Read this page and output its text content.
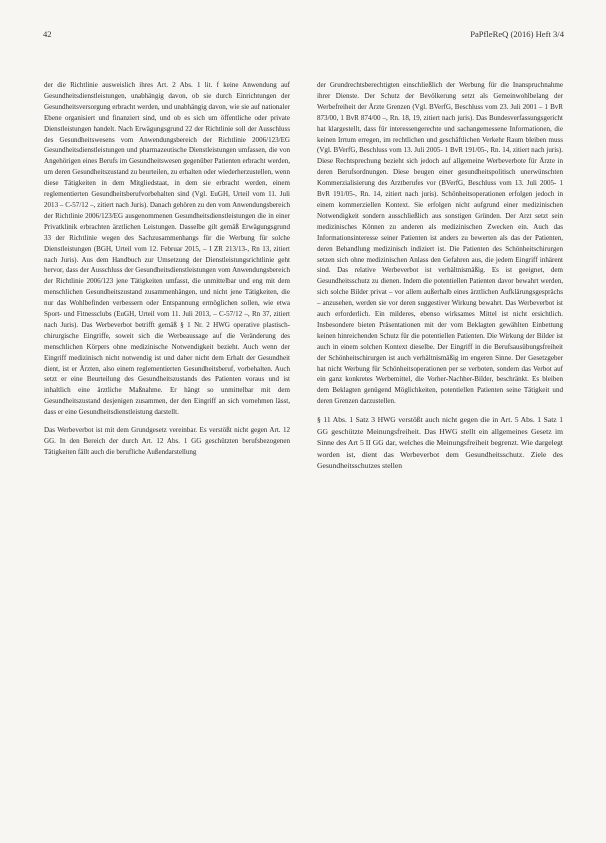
42	PaPfleReQ (2016) Heft 3/4

der die Richtlinie ausweislich ihres Art. 2 Abs. 1 lit. f keine Anwendung auf Gesundheitsdienstleistungen, unabhängig davon, ob sie durch Einrichtungen der Gesundheitsversorgung erbracht werden, und unabhängig davon, wie sie auf nationaler Ebene organisiert und finanziert sind, und ob es sich um öffentliche oder private Dienstleistungen handelt. Nach Erwägungsgrund 22 der Richtlinie soll der Ausschluss des Gesundheitswesens vom Anwendungsbereich der Richtlinie 2006/123/EG Gesundheitsdienstleistungen und pharmazeutische Dienstleistungen umfassen, die von Angehörigen eines Berufs im Gesundheitswesen gegenüber Patienten erbracht werden, um deren Gesundheitszustand zu beurteilen, zu erhalten oder wiederherzustellen, wenn diese Tätigkeiten in dem Mitgliedstaat, in dem sie erbracht werden, einem reglementierten Gesundheitsberufvorbehalten sind (Vgl. EuGH, Urteil vom 11. Juli 2013 – C-57/12 –, zitiert nach Juris). Danach gehören zu den vom Anwendungsbereich der Richtlinie 2006/123/EG ausgenommenen Gesundheitsdienstleistungen die in einer Privatklinik erbrachten ärztlichen Leistungen. Dasselbe gilt gemäß Erwägungsgrund 33 der Richtlinie wegen des Sachzusammenhangs für die Werbung für solche Dienstleistungen (BGH, Urteil vom 12. Februar 2015, – I ZR 213/13-, Rn 13, zitiert nach Juris). Aus dem Handbuch zur Umsetzung der Dienstleistungsrichtlinie geht hervor, dass der Ausschluss der Gesundheitsdienstleistungen vom Anwendungsbereich der Richtlinie 2006/123 jene Tätigkeiten umfasst, die unmittelbar und eng mit dem menschlichen Gesundheitszustand zusammenhängen, und nicht jene Tätigkeiten, die nur das Wohlbefinden verbessern oder Entspannung ermöglichen sollen, wie etwa Sport- und Fitnessclubs (EuGH, Urteil vom 11. Juli 2013, – C-57/12 –, Rn 37, zitiert nach Juris). Das Werbeverbot betrifft gemäß § 1 Nr. 2 HWG operative plastisch-chirurgische Eingriffe, soweit sich die Werbeaussage auf die Veränderung des menschlichen Körpers ohne medizinische Notwendigkeit bezieht. Auch wenn der Eingriff medizinisch nicht notwendig ist und daher nicht dem Erhalt der Gesundheit dient, ist er Ärzten, also einem reglementierten Gesundheitsberuf, vorbehalten. Auch setzt er eine Beurteilung des Gesundheitszustands des Patienten voraus und ist inhaltlich eine ärztliche Maßnahme. Er hängt so unmittelbar mit dem Gesundheitszustand desjenigen zusammen, der den Eingriff an sich vornehmen lässt, dass er eine Gesundheitsdienstleistung darstellt.

Das Werbeverbot ist mit dem Grundgesetz vereinbar. Es verstößt nicht gegen Art. 12 GG. In den Bereich der durch Art. 12 Abs. 1 GG geschützten berufsbezogenen Tätigkeiten fällt auch die berufliche Außendarstellung

der Grundrechtsberechtigten einschließlich der Werbung für die Inanspruchnahme ihrer Dienste. Der Schutz der Bevölkerung setzt als Gemeinwohlbelang der Werbefreiheit der Ärzte Grenzen (Vgl. BVerfG, Beschluss vom 23. Juli 2001 – 1 BvR 873/00, 1 BvR 874/00 –, Rn. 18, 19, zitiert nach juris). Das Bundesverfassungsgericht hat klargestellt, dass für interessengerechte und sachangemessene Informationen, die keinen Irrtum erregen, im rechtlichen und geschäftlichen Verkehr Raum bleiben muss (Vgl. BVerfG, Beschluss vom 13. Juli 2005- 1 BvR 191/05-, Rn. 14, zitiert nach juris). Diese Rechtsprechung bezieht sich jedoch auf allgemeine Werbeverbote für Ärzte in deren Berufsordnungen. Diese beugen einer gesundheitspolitisch unerwünschten Kommerzialisierung des Arztberufes vor (BVerfG, Beschluss vom 13. Juli 2005- 1 BvR 191/05-, Rn. 14, zitiert nach juris). Schönheitsoperationen erfolgen jedoch in einem kommerziellen Kontext. Sie erfolgen nicht aufgrund einer medizinischen Notwendigkeit sondern ausschließlich aus sonstigen Gründen. Der Arzt setzt sein medizinisches Können zu anderen als medizinischen Zwecken ein. Auch das Informationsinteresse seiner Patienten ist anders zu bewerten als das der Patienten, deren Behandlung medizinisch indiziert ist. Die Patienten des Schönheitschirurgen setzen sich ohne medizinischen Anlass den Gefahren aus, die jedem Eingriff inhärent sind. Das relative Werbeverbot ist verhältnismäßig. Es ist geeignet, dem Gesundheitsschutz zu dienen. Indem die potentiellen Patienten davor bewahrt werden, sich solche Bilder privat – vor allem außerhalb eines ärztlichen Aufklärungsgesprächs – anzusehen, werden sie vor deren suggestiver Wirkung bewahrt. Das Werbeverbot ist auch erforderlich. Ein milderes, ebenso wirksames Mittel ist nicht ersichtlich. Insbesondere bieten Präsentationen mit der vom Beklagten gewählten Einbettung keinen hinreichenden Schutz für die potentiellen Patienten. Die Wirkung der Bilder ist auch in einem solchen Kontext dieselbe. Der Eingriff in die Berufsausübungsfreiheit der Schönheitschirurgen ist auch verhältnismäßig im engeren Sinne. Der Gesetzgeber hat nicht Werbung für Schönheitsoperationen per se verboten, sondern das Verbot auf ein ganz konkretes Werbemittel, die Vorher-Nachher-Bilder, beschränkt. Es bleiben dem Beklagten genügend Möglichkeiten, potentiellen Patienten seine Tätigkeit und deren Grenzen darzustellen.

§ 11 Abs. 1 Satz 3 HWG verstößt auch nicht gegen die in Art. 5 Abs. 1 Satz 1 GG geschützte Meinungsfreiheit. Das HWG stellt ein allgemeines Gesetz im Sinne des Art 5 II GG dar, welches die Meinungsfreiheit begrenzt. Wie dargelegt worden ist, dient das Werbeverbot dem Gesundheitsschutz. Ziele des Gesundheitsschutzes stellen
